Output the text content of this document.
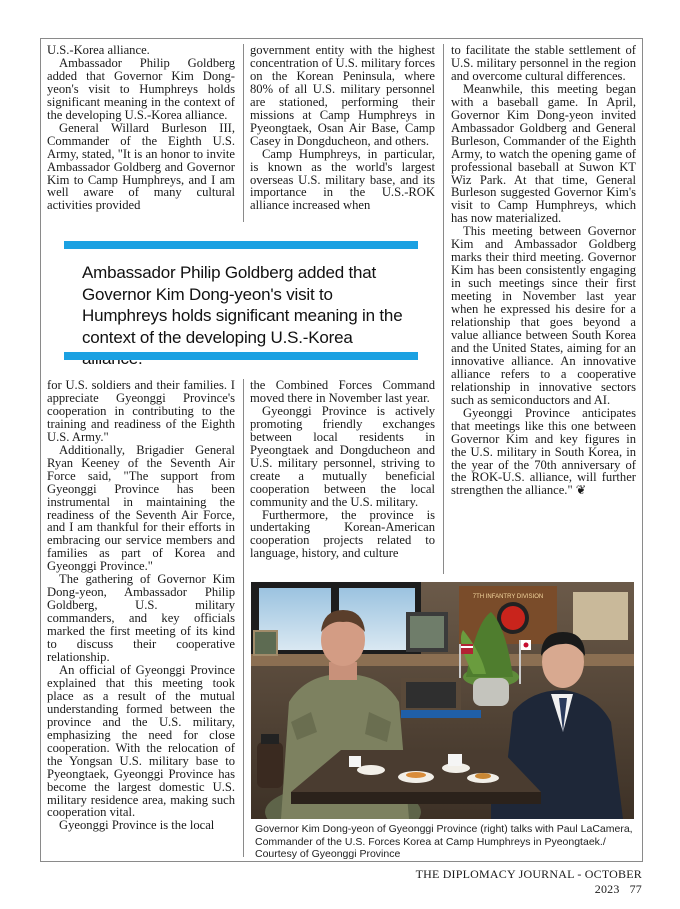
U.S.-Korea alliance.

Ambassador Philip Goldberg added that Governor Kim Dong-yeon's visit to Humphreys holds significant meaning in the context of the developing U.S.-Korea alliance.

General Willard Burleson III, Commander of the Eighth U.S. Army, stated, "It is an honor to invite Ambassador Goldberg and Governor Kim to Camp Humphreys, and I am well aware of many cultural activities provided

government entity with the highest concentration of U.S. military forces on the Korean Peninsula, where 80% of all U.S. military personnel are stationed, performing their missions at Camp Humphreys in Pyeongtaek, Osan Air Base, Camp Casey in Dongducheon, and others.

Camp Humphreys, in particular, is known as the world's largest overseas U.S. military base, and its importance in the U.S.-ROK alliance increased when

to facilitate the stable settlement of U.S. military personnel in the region and overcome cultural differences.

Meanwhile, this meeting began with a baseball game. In April, Governor Kim Dong-yeon invited Ambassador Goldberg and General Burleson, Commander of the Eighth Army, to watch the opening game of professional baseball at Suwon KT Wiz Park. At that time, General Burleson suggested Governor Kim's visit to Camp Humphreys, which has now materialized.

This meeting between Governor Kim and Ambassador Goldberg marks their third meeting. Governor Kim has been consistently engaging in such meetings since their first meeting in November last year when he expressed his desire for a relationship that goes beyond a value alliance between South Korea and the United States, aiming for an innovative alliance. An innovative alliance refers to a cooperative relationship in innovative sectors such as semiconductors and AI.

Gyeonggi Province anticipates that meetings like this one between Governor Kim and key figures in the U.S. military in South Korea, in the year of the 70th anniversary of the ROK-U.S. alliance, will further strengthen the alliance." ❦

Ambassador Philip Goldberg added that Governor Kim Dong-yeon's visit to Humphreys holds significant meaning in the context of the developing U.S.-Korea

for U.S. soldiers and their families. I appreciate Gyeonggi Province's cooperation in contributing to the training and readiness of the Eighth U.S. Army."

Additionally, Brigadier General Ryan Keeney of the Seventh Air Force said, "The support from Gyeonggi Province has been instrumental in maintaining the readiness of the Seventh Air Force, and I am thankful for their efforts in embracing our service members and families as part of Korea and Gyeonggi Province."

The gathering of Governor Kim Dong-yeon, Ambassador Philip Goldberg, U.S. military commanders, and key officials marked the first meeting of its kind to discuss their cooperative relationship.

An official of Gyeonggi Province explained that this meeting took place as a result of the mutual understanding formed between the province and the U.S. military, emphasizing the need for close cooperation. With the relocation of the Yongsan U.S. military base to Pyeongtaek, Gyeonggi Province has become the largest domestic U.S. military residence area, making such cooperation vital.

Gyeonggi Province is the local

the Combined Forces Command moved there in November last year.

Gyeonggi Province is actively promoting friendly exchanges between local residents in Pyeongtaek and Dongducheon and U.S. military personnel, striving to create a mutually beneficial cooperation between the local community and the U.S. military.

Furthermore, the province is undertaking Korean-American cooperation projects related to language, history, and culture

7TH INFANTRY DIVISION
Governor Kim Dong-yeon of Gyeonggi Province (right) talks with Paul LaCamera, Commander of the U.S. Forces Korea at Camp Humphreys in Pyeongtaek./ Courtesy of Gyeonggi Province
THE DIPLOMACY JOURNAL - OCTOBER 2023 77
